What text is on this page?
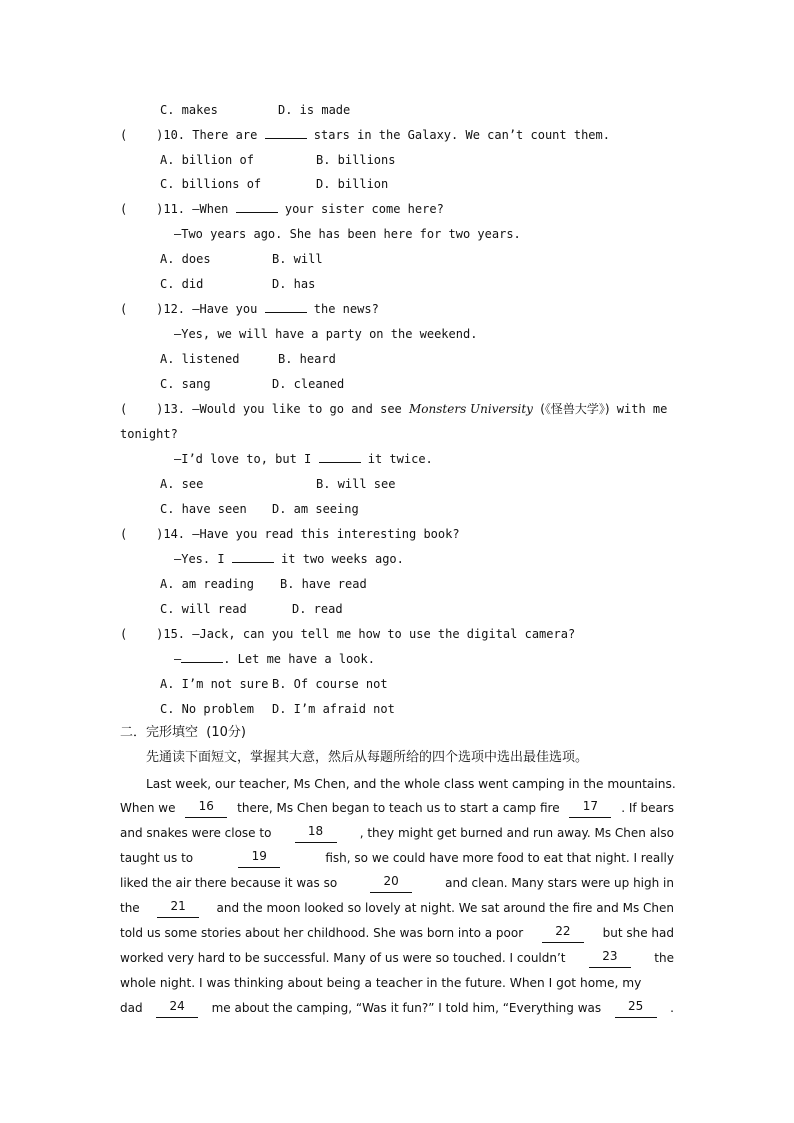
C. makes	D. is made
(    )10. There are	stars in the Galaxy. We can’t count them.
A. billion of	B. billions
C. billions of	D. billion
(    )11. —When	your sister come here?
—Two years ago. She has been here for two years.
A. does	B. will
C. did	D. has
(    )12. —Have you	the news?
—Yes, we will have a party on the weekend.
A. listened	B. heard
C. sang	D. cleaned
(    )13. —Would you like to go and see Monsters University (《怪兽大学》) with me
tonight?
—I’d love to, but I	it twice.
A. see	B. will see
C. have seen D. am seeing
(    )14. —Have you read this interesting book?
—Yes. I	it two weeks ago.
A. am reading B. have read
C. will read	D. read
(    )15. —Jack, can you tell me how to use the digital camera?
—	. Let me have a look.
A. I’m not sure B. Of course not
C. No problem D. I’m afraid not
二．完形填空  (10分)
先通读下面短文，掌握其大意，然后从每题所给的四个选项中选出最佳选项。
Last week, our teacher, Ms Chen, and the whole class went camping in the mountains.
When we	16	there, Ms Chen began to teach us to start a camp fire	17	. If bears
and snakes were close to	18	, they might get burned and run away. Ms Chen also
taught us to	19	fish, so we could have more food to eat that night. I really
liked the air there because it was so	20	and clean. Many stars were up high in
the	21	and the moon looked so lovely at night. We sat around the fire and Ms Chen
told us some stories about her childhood. She was born into a poor	22	but she had
worked very hard to be successful. Many of us were so touched. I couldn’t	23	the
whole night. I was thinking about being a teacher in the future. When I got home, my
dad	24	me about the camping, “Was it fun?” I told him, “Everything was	25	.
